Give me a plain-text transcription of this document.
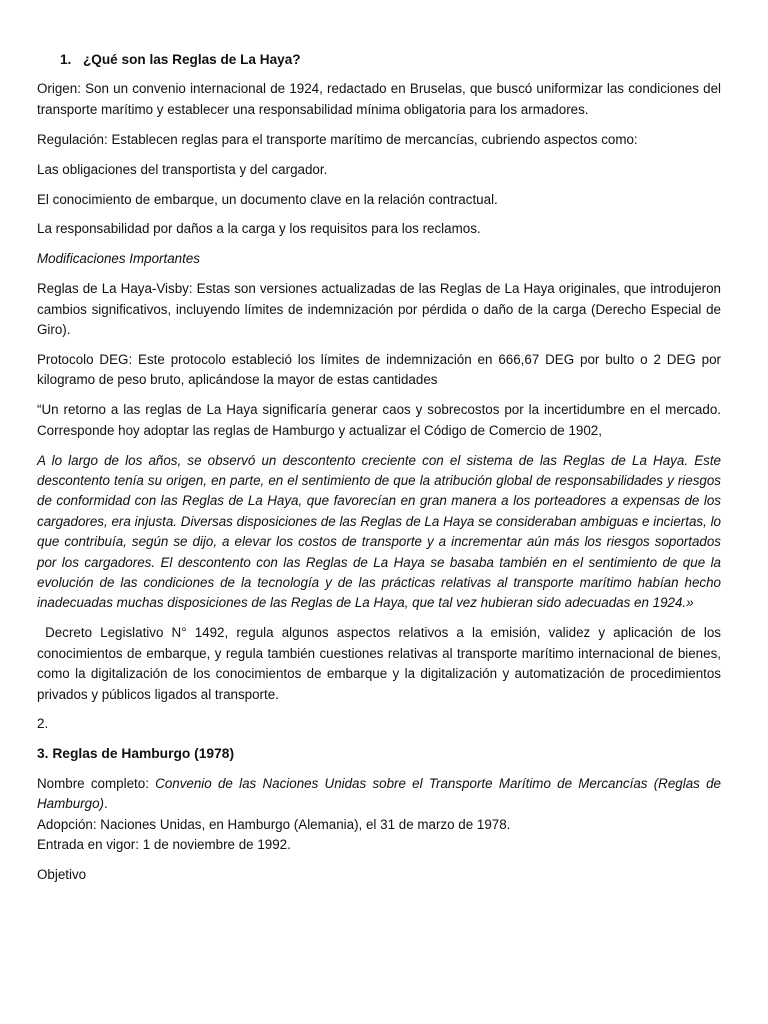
1. ¿Qué son las Reglas de La Haya?

Origen: Son un convenio internacional de 1924, redactado en Bruselas, que buscó uniformizar las condiciones del transporte marítimo y establecer una responsabilidad mínima obligatoria para los armadores.

Regulación: Establecen reglas para el transporte marítimo de mercancías, cubriendo aspectos como:

Las obligaciones del transportista y del cargador.

El conocimiento de embarque, un documento clave en la relación contractual.

La responsabilidad por daños a la carga y los requisitos para los reclamos.

Modificaciones Importantes

Reglas de La Haya-Visby: Estas son versiones actualizadas de las Reglas de La Haya originales, que introdujeron cambios significativos, incluyendo límites de indemnización por pérdida o daño de la carga (Derecho Especial de Giro).

Protocolo DEG: Este protocolo estableció los límites de indemnización en 666,67 DEG por bulto o 2 DEG por kilogramo de peso bruto, aplicándose la mayor de estas cantidades

“Un retorno a las reglas de La Haya significaría generar caos y sobrecostos por la incertidumbre en el mercado. Corresponde hoy adoptar las reglas de Hamburgo y actualizar el Código de Comercio de 1902,

A lo largo de los años, se observó un descontento creciente con el sistema de las Reglas de La Haya. Este descontento tenía su origen, en parte, en el sentimiento de que la atribución global de responsabilidades y riesgos de conformidad con las Reglas de La Haya, que favorecían en gran manera a los porteadores a expensas de los cargadores, era injusta. Diversas disposiciones de las Reglas de La Haya se consideraban ambiguas e inciertas, lo que contribuía, según se dijo, a elevar los costos de transporte y a incrementar aún más los riesgos soportados por los cargadores. El descontento con las Reglas de La Haya se basaba también en el sentimiento de que la evolución de las condiciones de la tecnología y de las prácticas relativas al transporte marítimo habían hecho inadecuadas muchas disposiciones de las Reglas de La Haya, que tal vez hubieran sido adecuadas en 1924.»

Decreto Legislativo N° 1492, regula algunos aspectos relativos a la emisión, validez y aplicación de los conocimientos de embarque, y regula también cuestiones relativas al transporte marítimo internacional de bienes, como la digitalización de los conocimientos de embarque y la digitalización y automatización de procedimientos privados y públicos ligados al transporte.

2.

3. Reglas de Hamburgo (1978)

Nombre completo: Convenio de las Naciones Unidas sobre el Transporte Marítimo de Mercancías (Reglas de Hamburgo).
Adopción: Naciones Unidas, en Hamburgo (Alemania), el 31 de marzo de 1978.
Entrada en vigor: 1 de noviembre de 1992.

Objetivo
